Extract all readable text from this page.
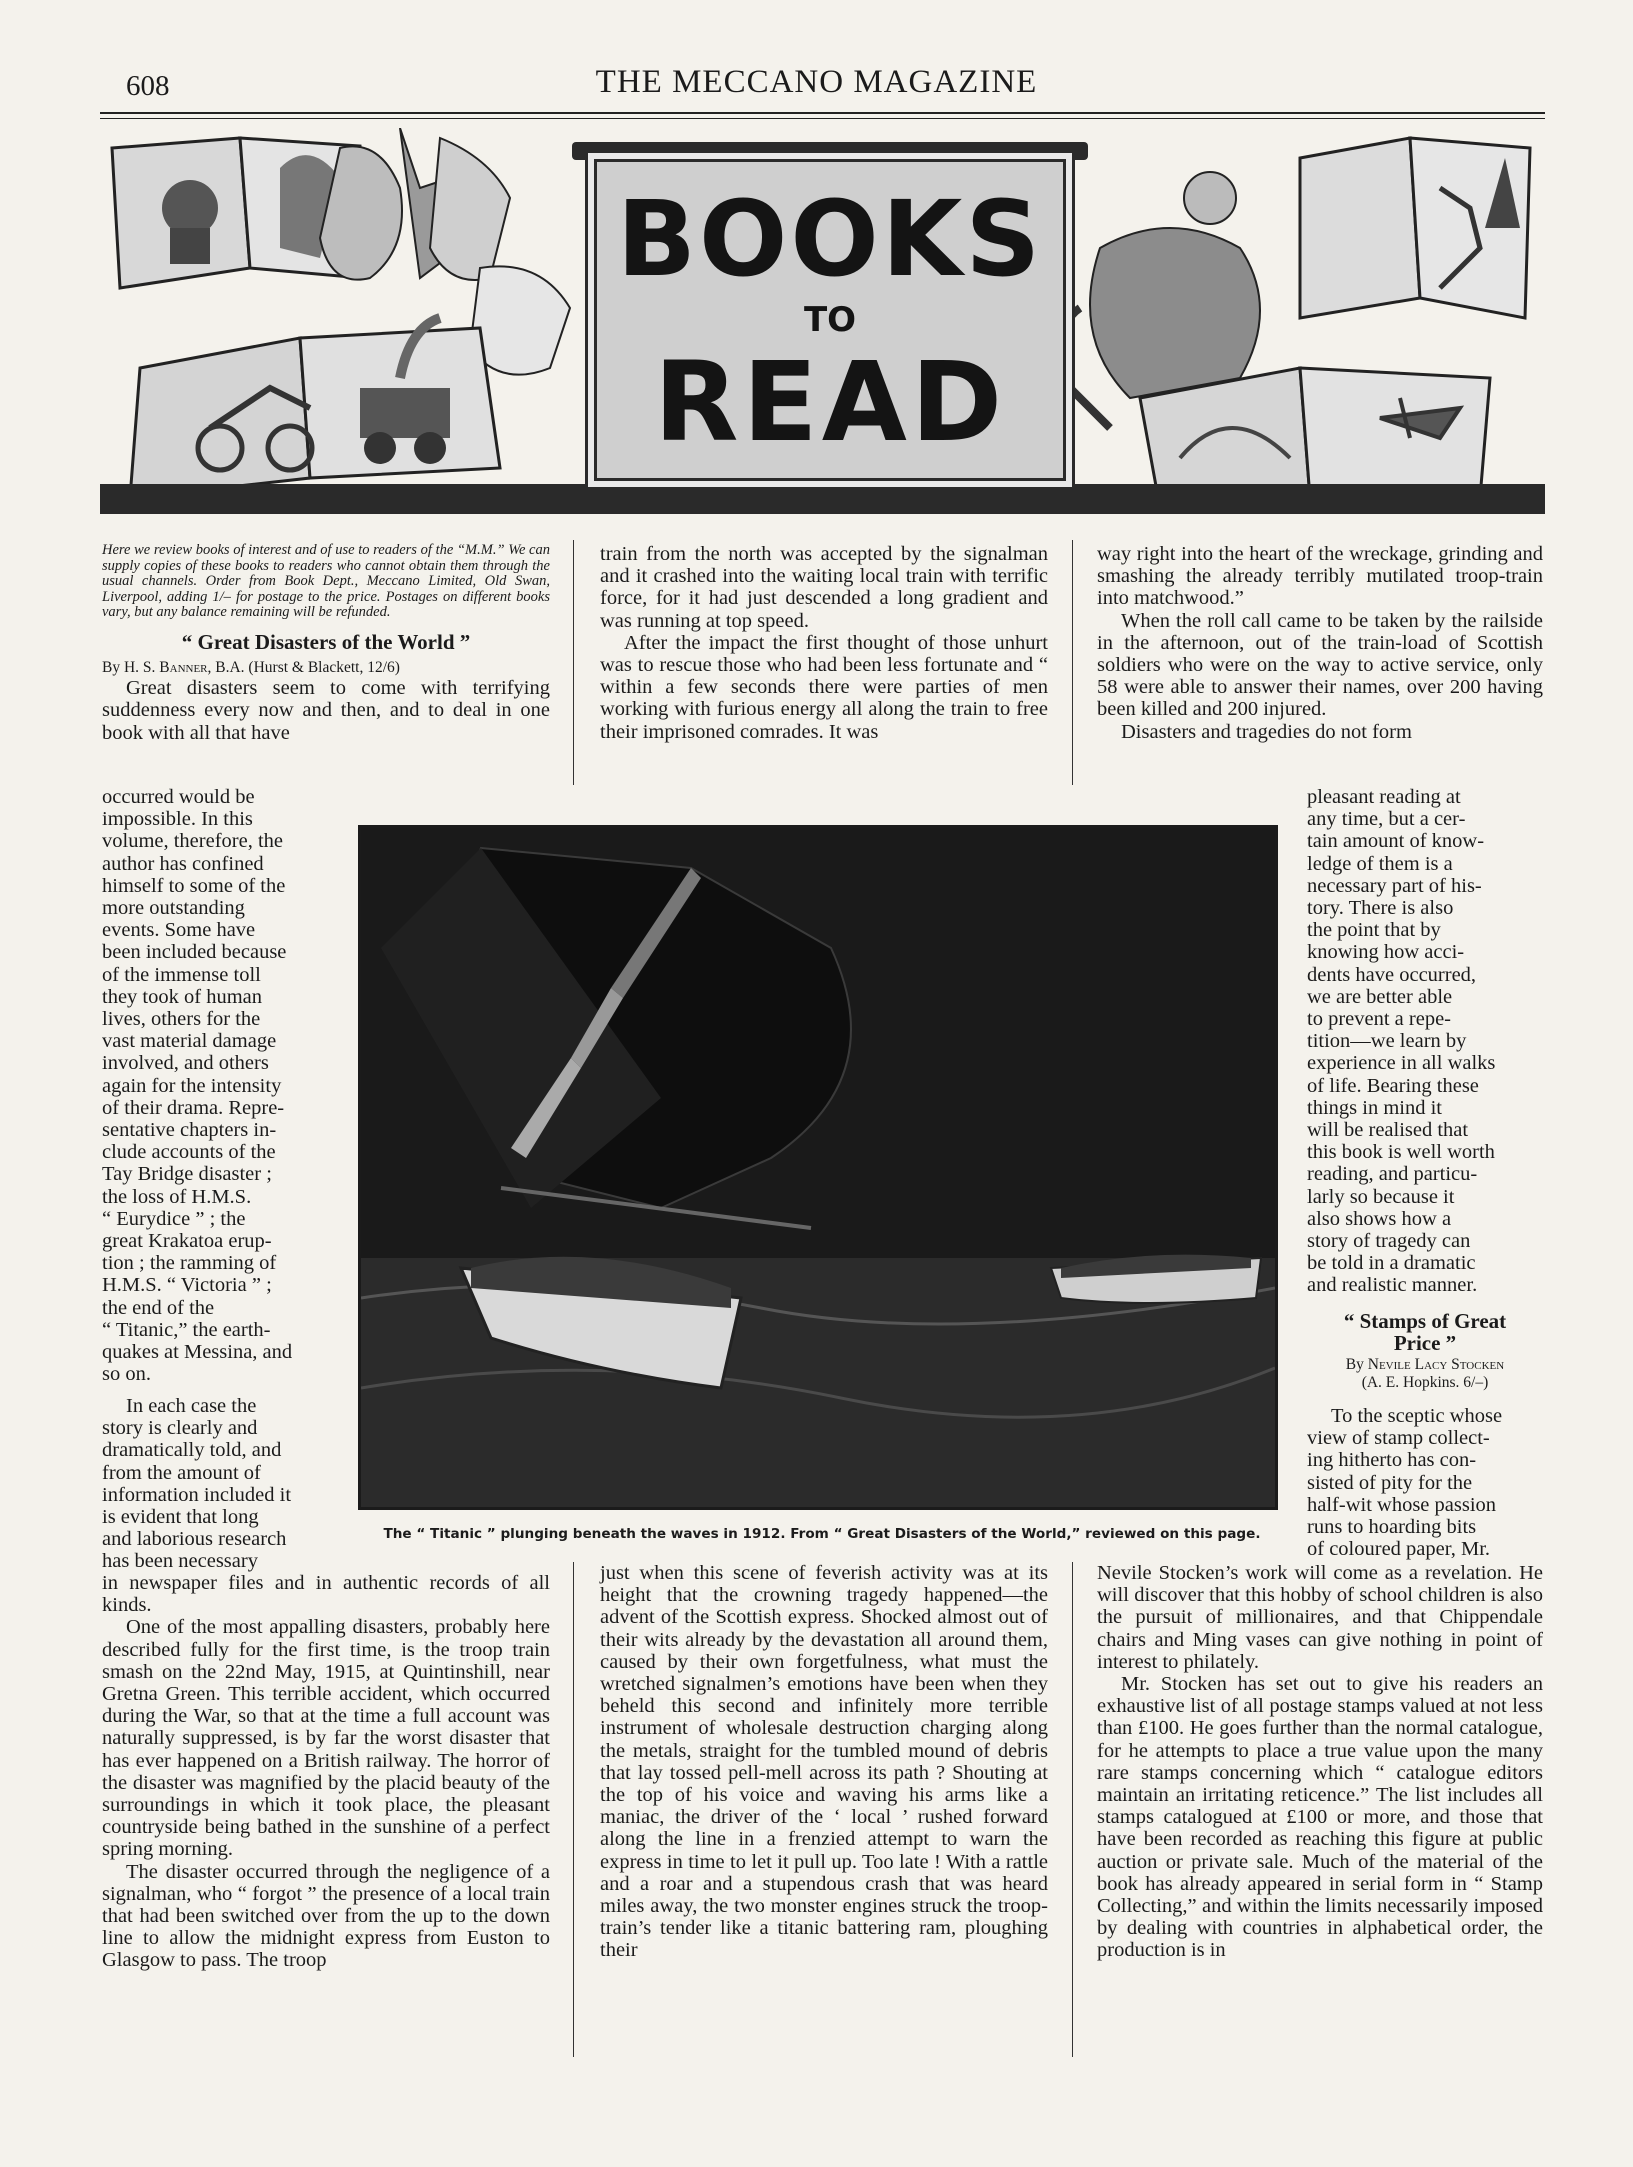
608	THE MECCANO MAGAZINE
BOOKS
TO
READ

Here we review books of interest and of use to readers of the “M.M.” We can supply copies of these books to readers who cannot obtain them through the usual channels. Order from Book Dept., Meccano Limited, Old Swan, Liverpool, adding 1/– for postage to the price. Postages on different books vary, but any balance remaining will be refunded.

“ Great Disasters of the World ”

By H. S. Banner, B.A. (Hurst & Blackett, 12/6)

Great disasters seem to come with terrifying suddenness every now and then, and to deal in one book with all that have

occurred would be
impossible. In this
volume, therefore, the
author has confined
himself to some of the
more outstanding
events. Some have
been included because
of the immense toll
they took of human
lives, others for the
vast material damage
involved, and others
again for the intensity
of their drama. Repre-
sentative chapters in-
clude accounts of the
Tay Bridge disaster ;
the loss of H.M.S.
“ Eurydice ” ; the
great Krakatoa erup-
tion ; the ramming of
H.M.S. “ Victoria ” ;
the end of the
“ Titanic,” the earth-
quakes at Messina, and
so on.
In each case the
story is clearly and
dramatically told, and
from the amount of
information included it
is evident that long
and laborious research
has been necessary

in newspaper files and in authentic records of all kinds.

One of the most appalling disasters, probably here described fully for the first time, is the troop train smash on the 22nd May, 1915, at Quintinshill, near Gretna Green. This terrible accident, which occurred during the War, so that at the time a full account was naturally suppressed, is by far the worst disaster that has ever happened on a British railway. The horror of the disaster was magnified by the placid beauty of the surroundings in which it took place, the pleasant countryside being bathed in the sunshine of a perfect spring morning.

The disaster occurred through the negligence of a signalman, who “ forgot ” the presence of a local train that had been switched over from the up to the down line to allow the midnight express from Euston to Glasgow to pass. The troop

train from the north was accepted by the signalman and it crashed into the waiting local train with terrific force, for it had just descended a long gradient and was running at top speed.

After the impact the first thought of those unhurt was to rescue those who had been less fortunate and “ within a few seconds there were parties of men working with furious energy all along the train to free their imprisoned comrades. It was

just when this scene of feverish activity was at its height that the crowning tragedy happened—the advent of the Scottish express. Shocked almost out of their wits already by the devastation all around them, caused by their own forgetfulness, what must the wretched signalmen’s emotions have been when they beheld this second and infinitely more terrible instrument of wholesale destruction charging along the metals, straight for the tumbled mound of debris that lay tossed pell-mell across its path ? Shouting at the top of his voice and waving his arms like a maniac, the driver of the ‘ local ’ rushed forward along the line in a frenzied attempt to warn the express in time to let it pull up. Too late ! With a rattle and a roar and a stupendous crash that was heard miles away, the two monster engines struck the troop-train’s tender like a titanic battering ram, ploughing their

way right into the heart of the wreckage, grinding and smashing the already terribly mutilated troop-train into matchwood.”

When the roll call came to be taken by the railside in the afternoon, out of the train-load of Scottish soldiers who were on the way to active service, only 58 were able to answer their names, over 200 having been killed and 200 injured.

Disasters and tragedies do not form

pleasant reading at
any time, but a cer-
tain amount of know-
ledge of them is a
necessary part of his-
tory. There is also
the point that by
knowing how acci-
dents have occurred,
we are better able
to prevent a repe-
tition—we learn by
experience in all walks
of life. Bearing these
things in mind it
will be realised that
this book is well worth
reading, and particu-
larly so because it
also shows how a
story of tragedy can
be told in a dramatic
and realistic manner.
“ Stamps of Great
Price ”
By Nevile Lacy Stocken
(A. E. Hopkins. 6/–)
To the sceptic whose
view of stamp collect-
ing hitherto has con-
sisted of pity for the
half-wit whose passion
runs to hoarding bits
of coloured paper, Mr.

Nevile Stocken’s work will come as a revelation. He will discover that this hobby of school children is also the pursuit of millionaires, and that Chippendale chairs and Ming vases can give nothing in point of interest to philately.

Mr. Stocken has set out to give his readers an exhaustive list of all postage stamps valued at not less than £100. He goes further than the normal catalogue, for he attempts to place a true value upon the many rare stamps concerning which “ catalogue editors maintain an irritating reticence.” The list includes all stamps catalogued at £100 or more, and those that have been recorded as reaching this figure at public auction or private sale. Much of the material of the book has already appeared in serial form in “ Stamp Collecting,” and within the limits necessarily imposed by dealing with countries in alphabetical order, the production is in

The “ Titanic ” plunging beneath the waves in 1912. From “ Great Disasters of the World,” reviewed on this page.
